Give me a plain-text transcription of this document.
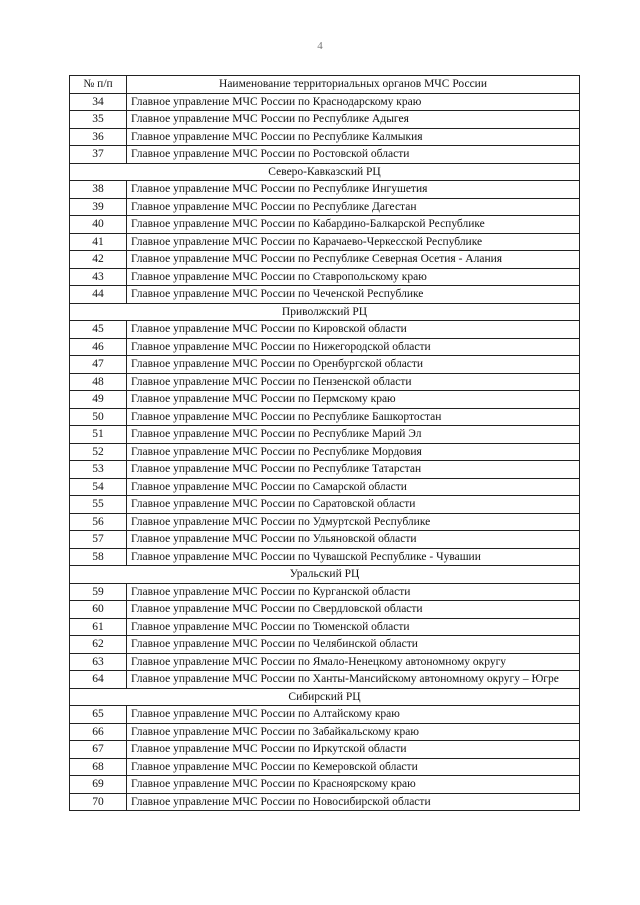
4
№ п/п	Наименование территориальных органов МЧС России
34	Главное управление МЧС России по Краснодарскому краю
35	Главное управление МЧС России по Республике Адыгея
36	Главное управление МЧС России по Республике Калмыкия
37	Главное управление МЧС России по Ростовской области
Северо-Кавказский РЦ	
38	Главное управление МЧС России по Республике Ингушетия
39	Главное управление МЧС России по Республике Дагестан
40	Главное управление МЧС России по Кабардино-Балкарской Республике
41	Главное управление МЧС России по Карачаево-Черкесской Республике
42	Главное управление МЧС России по Республике Северная Осетия - Алания
43	Главное управление МЧС России по Ставропольскому краю
44	Главное управление МЧС России по Чеченской Республике
Приволжский РЦ	
45	Главное управление МЧС России по Кировской области
46	Главное управление МЧС России по Нижегородской области
47	Главное управление МЧС России по Оренбургской области
48	Главное управление МЧС России по Пензенской области
49	Главное управление МЧС России по Пермскому краю
50	Главное управление МЧС России по Республике Башкортостан
51	Главное управление МЧС России по Республике Марий Эл
52	Главное управление МЧС России по Республике Мордовия
53	Главное управление МЧС России по Республике Татарстан
54	Главное управление МЧС России по Самарской области
55	Главное управление МЧС России по Саратовской области
56	Главное управление МЧС России по Удмуртской Республике
57	Главное управление МЧС России по Ульяновской области
58	Главное управление МЧС России по Чувашской Республике - Чувашии
Уральский РЦ	
59	Главное управление МЧС России по Курганской области
60	Главное управление МЧС России по Свердловской области
61	Главное управление МЧС России по Тюменской области
62	Главное управление МЧС России по Челябинской области
63	Главное управление МЧС России по Ямало-Ненецкому автономному округу
64	Главное управление МЧС России по Ханты-Мансийскому автономному округу – Югре
Сибирский РЦ	
65	Главное управление МЧС России по Алтайскому краю
66	Главное управление МЧС России по Забайкальскому краю
67	Главное управление МЧС России по Иркутской области
68	Главное управление МЧС России по Кемеровской области
69	Главное управление МЧС России по Красноярскому краю
70	Главное управление МЧС России по Новосибирской области
